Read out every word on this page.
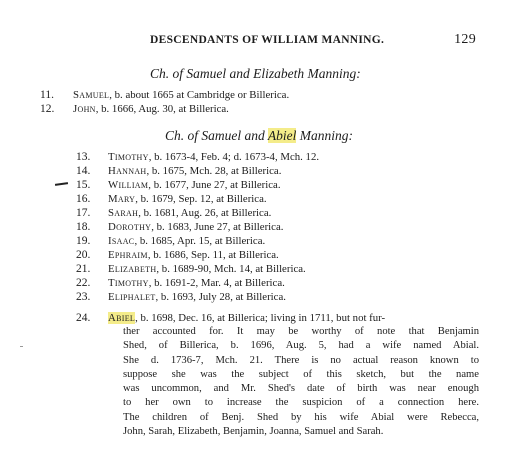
DESCENDANTS OF WILLIAM MANNING.	129
Ch. of Samuel and Elizabeth Manning:
11. Samuel, b. about 1665 at Cambridge or Billerica.
12. John, b. 1666, Aug. 30, at Billerica.
Ch. of Samuel and Abiel Manning:
13. Timothy, b. 1673-4, Feb. 4; d. 1673-4, Mch. 12.
14. Hannah, b. 1675, Mch. 28, at Billerica.
15. William, b. 1677, June 27, at Billerica.
16. Mary, b. 1679, Sep. 12, at Billerica.
17. Sarah, b. 1681, Aug. 26, at Billerica.
18. Dorothy, b. 1683, June 27, at Billerica.
19. Isaac, b. 1685, Apr. 15, at Billerica.
20. Ephraim, b. 1686, Sep. 11, at Billerica.
21. Elizabeth, b. 1689-90, Mch. 14, at Billerica.
22. Timothy, b. 1691-2, Mar. 4, at Billerica.
23. Eliphalet, b. 1693, July 28, at Billerica.
24. Abiel, b. 1698, Dec. 16, at Billerica; living in 1711, but not fur-
ther accounted for. It may be worthy of note that Benjamin
Shed, of Billerica, b. 1696, Aug. 5, had a wife named Abial.
She d. 1736-7, Mch. 21. There is no actual reason known to
suppose she was the subject of this sketch, but the name
was uncommon, and Mr. Shed's date of birth was near enough
to her own to increase the suspicion of a connection here.
The children of Benj. Shed by his wife Abial were Rebecca,
John, Sarah, Elizabeth, Benjamin, Joanna, Samuel and Sarah.
